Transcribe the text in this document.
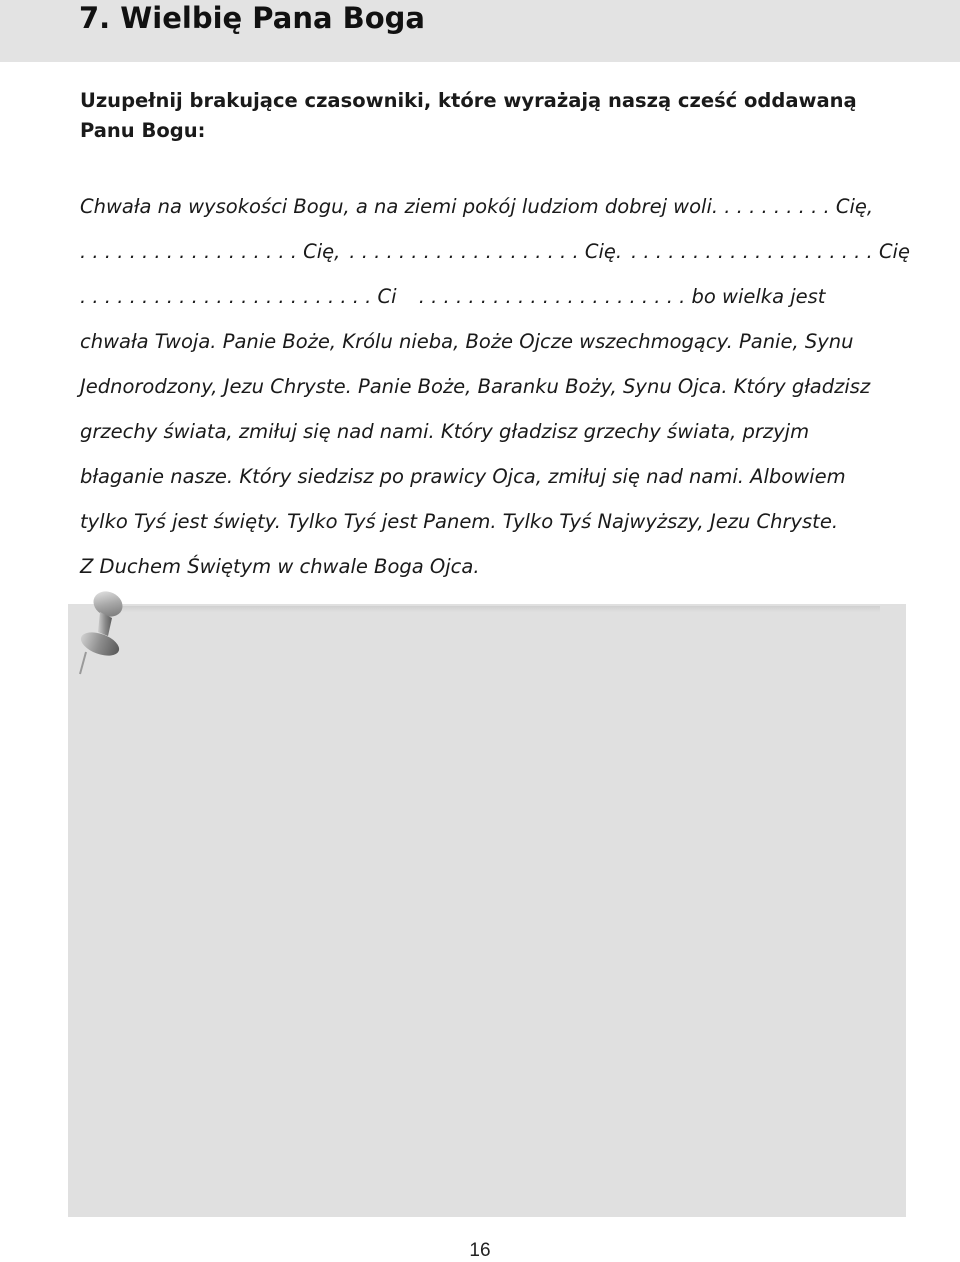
7. Wielbię Pana Boga
Uzupełnij brakujące czasowniki, które wyrażają naszą cześć oddawaną Panu Bogu:
Chwała na wysokości Bogu, a na ziemi pokój ludziom dobrej woli. . . . . . . . . . Cię,
. . . . . . . . . . . . . . . . . . Cię, . . . . . . . . . . . . . . . . . . . Cię. . . . . . . . . . . . . . . . . . . . . Cię
. . . . . . . . . . . . . . . . . . . . . . . . Ci . . . . . . . . . . . . . . . . . . . . . . bo wielka jest
chwała Twoja. Panie Boże, Królu nieba, Boże Ojcze wszechmogący. Panie, Synu
Jednorodzony, Jezu Chryste. Panie Boże, Baranku Boży, Synu Ojca. Który gładzisz
grzechy świata, zmiłuj się nad nami. Który gładzisz grzechy świata, przyjm
błaganie nasze. Który siedzisz po prawicy Ojca, zmiłuj się nad nami. Albowiem
tylko Tyś jest święty. Tylko Tyś jest Panem. Tylko Tyś Najwyższy, Jezu Chryste.
Z Duchem Świętym w chwale Boga Ojca.
16
